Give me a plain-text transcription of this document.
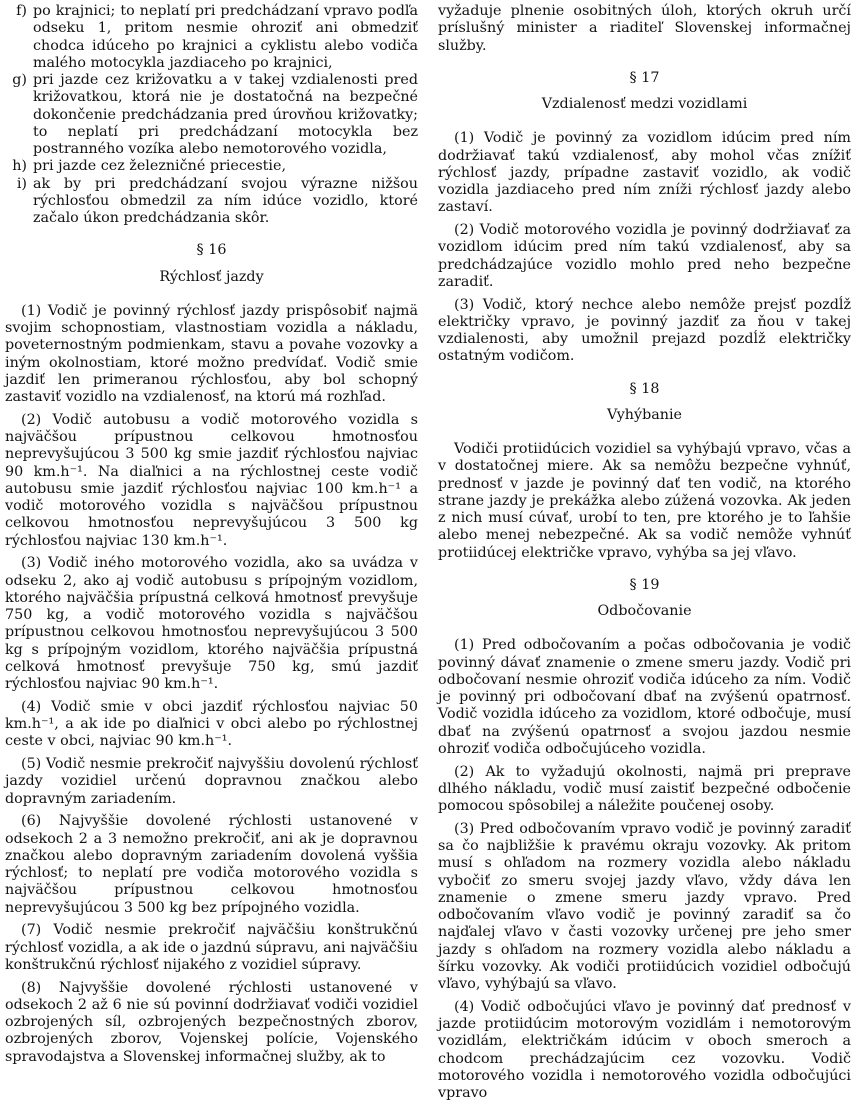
f) po krajnici; to neplatí pri predchádzaní vpravo podľa odseku 1, pritom nesmie ohroziť ani obmedziť chodca idúceho po krajnici a cyklistu alebo vodiča malého motocykla jazdiaceho po krajnici,
g) pri jazde cez križovatku a v takej vzdialenosti pred križovatkou, ktorá nie je dostatočná na bezpečné dokončenie predchádzania pred úrovňou križovatky; to neplatí pri predchádzaní motocykla bez postranného vozíka alebo nemotorového vozidla,
h) pri jazde cez železničné priecestie,
i) ak by pri predchádzaní svojou výrazne nižšou rýchlosťou obmedzil za ním idúce vozidlo, ktoré začalo úkon predchádzania skôr.
§ 16
Rýchlosť jazdy

(1) Vodič je povinný rýchlosť jazdy prispôsobiť najmä svojim schopnostiam, vlastnostiam vozidla a nákladu, poveternostným podmienkam, stavu a povahe vozovky a iným okolnostiam, ktoré možno predvídať. Vodič smie jazdiť len primeranou rýchlosťou, aby bol schopný zastaviť vozidlo na vzdialenosť, na ktorú má rozhľad.

(2) Vodič autobusu a vodič motorového vozidla s najväčšou prípustnou celkovou hmotnosťou neprevyšujúcou 3 500 kg smie jazdiť rýchlosťou najviac 90 km.h⁻¹. Na diaľnici a na rýchlostnej ceste vodič autobusu smie jazdiť rýchlosťou najviac 100 km.h⁻¹ a vodič motorového vozidla s najväčšou prípustnou celkovou hmotnosťou neprevyšujúcou 3 500 kg rýchlosťou najviac 130 km.h⁻¹.

(3) Vodič iného motorového vozidla, ako sa uvádza v odseku 2, ako aj vodič autobusu s prípojným vozidlom, ktorého najväčšia prípustná celková hmotnosť prevyšuje 750 kg, a vodič motorového vozidla s najväčšou prípustnou celkovou hmotnosťou neprevyšujúcou 3 500 kg s prípojným vozidlom, ktorého najväčšia prípustná celková hmotnosť prevyšuje 750 kg, smú jazdiť rýchlosťou najviac 90 km.h⁻¹.

(4) Vodič smie v obci jazdiť rýchlosťou najviac 50 km.h⁻¹, a ak ide po diaľnici v obci alebo po rýchlostnej ceste v obci, najviac 90 km.h⁻¹.

(5) Vodič nesmie prekročiť najvyššiu dovolenú rýchlosť jazdy vozidiel určenú dopravnou značkou alebo dopravným zariadením.

(6) Najvyššie dovolené rýchlosti ustanovené v odsekoch 2 a 3 nemožno prekročiť, ani ak je dopravnou značkou alebo dopravným zariadením dovolená vyššia rýchlosť; to neplatí pre vodiča motorového vozidla s najväčšou prípustnou celkovou hmotnosťou neprevyšujúcou 3 500 kg bez prípojného vozidla.

(7) Vodič nesmie prekročiť najväčšiu konštrukčnú rýchlosť vozidla, a ak ide o jazdnú súpravu, ani najväčšiu konštrukčnú rýchlosť nijakého z vozidiel súpravy.

(8) Najvyššie dovolené rýchlosti ustanovené v odsekoch 2 až 6 nie sú povinní dodržiavať vodiči vozidiel ozbrojených síl, ozbrojených bezpečnostných zborov, ozbrojených zborov, Vojenskej polície, Vojenského spravodajstva a Slovenskej informačnej služby, ak to

vyžaduje plnenie osobitných úloh, ktorých okruh určí príslušný minister a riaditeľ Slovenskej informačnej služby.

§ 17
Vzdialenosť medzi vozidlami

(1) Vodič je povinný za vozidlom idúcim pred ním dodržiavať takú vzdialenosť, aby mohol včas znížiť rýchlosť jazdy, prípadne zastaviť vozidlo, ak vodič vozidla jazdiaceho pred ním zníži rýchlosť jazdy alebo zastaví.

(2) Vodič motorového vozidla je povinný dodržiavať za vozidlom idúcim pred ním takú vzdialenosť, aby sa predchádzajúce vozidlo mohlo pred neho bezpečne zaradiť.

(3) Vodič, ktorý nechce alebo nemôže prejsť pozdĺž električky vpravo, je povinný jazdiť za ňou v takej vzdialenosti, aby umožnil prejazd pozdĺž električky ostatným vodičom.

§ 18
Vyhýbanie

Vodiči protiidúcich vozidiel sa vyhýbajú vpravo, včas a v dostatočnej miere. Ak sa nemôžu bezpečne vyhnúť, prednosť v jazde je povinný dať ten vodič, na ktorého strane jazdy je prekážka alebo zúžená vozovka. Ak jeden z nich musí cúvať, urobí to ten, pre ktorého je to ľahšie alebo menej nebezpečné. Ak sa vodič nemôže vyhnúť protiidúcej električke vpravo, vyhýba sa jej vľavo.

§ 19
Odbočovanie

(1) Pred odbočovaním a počas odbočovania je vodič povinný dávať znamenie o zmene smeru jazdy. Vodič pri odbočovaní nesmie ohroziť vodiča idúceho za ním. Vodič je povinný pri odbočovaní dbať na zvýšenú opatrnosť. Vodič vozidla idúceho za vozidlom, ktoré odbočuje, musí dbať na zvýšenú opatrnosť a svojou jazdou nesmie ohroziť vodiča odbočujúceho vozidla.

(2) Ak to vyžadujú okolnosti, najmä pri preprave dlhého nákladu, vodič musí zaistiť bezpečné odbočenie pomocou spôsobilej a náležite poučenej osoby.

(3) Pred odbočovaním vpravo vodič je povinný zaradiť sa čo najbližšie k pravému okraju vozovky. Ak pritom musí s ohľadom na rozmery vozidla alebo nákladu vybočiť zo smeru svojej jazdy vľavo, vždy dáva len znamenie o zmene smeru jazdy vpravo. Pred odbočovaním vľavo vodič je povinný zaradiť sa čo najďalej vľavo v časti vozovky určenej pre jeho smer jazdy s ohľadom na rozmery vozidla alebo nákladu a šírku vozovky. Ak vodiči protiidúcich vozidiel odbočujú vľavo, vyhýbajú sa vľavo.

(4) Vodič odbočujúci vľavo je povinný dať prednosť v jazde protiidúcim motorovým vozidlám i nemotorovým vozidlám, električkám idúcim v oboch smeroch a chodcom prechádzajúcim cez vozovku. Vodič motorového vozidla i nemotorového vozidla odbočujúci vpravo
